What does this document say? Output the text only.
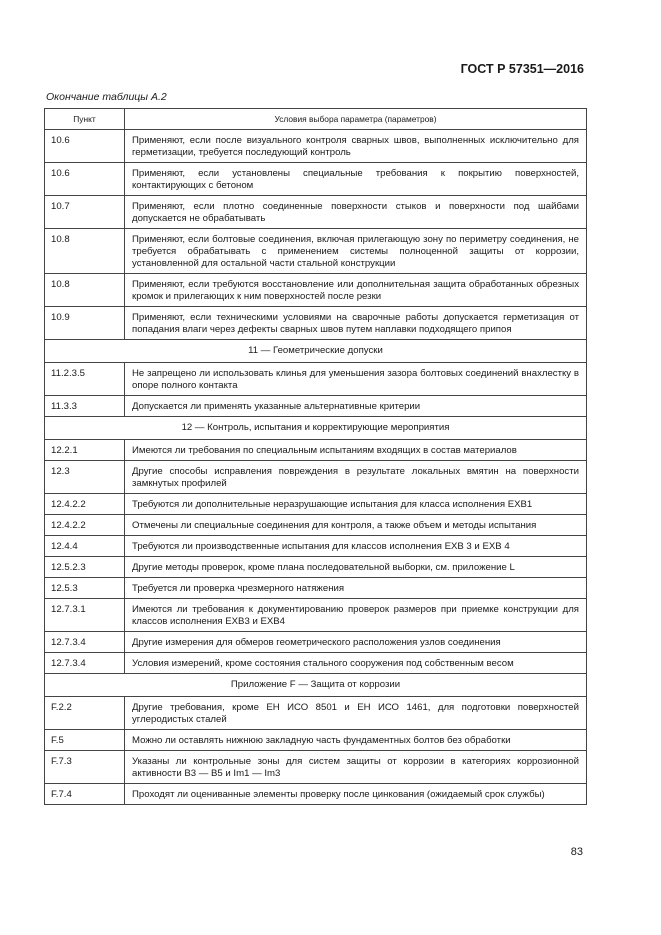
ГОСТ Р 57351—2016
Окончание таблицы А.2
Пункт	Условия выбора параметра (параметров)
10.6	Применяют, если после визуального контроля сварных швов, выполненных исключительно для герметизации, требуется последующий контроль
10.6	Применяют, если установлены специальные требования к покрытию поверхностей, контактирующих с бетоном
10.7	Применяют, если плотно соединенные поверхности стыков и поверхности под шайбами допускается не обрабатывать
10.8	Применяют, если болтовые соединения, включая прилегающую зону по периметру соединения, не требуется обрабатывать с применением системы полноценной защиты от коррозии, установленной для остальной части стальной конструкции
10.8	Применяют, если требуются восстановление или дополнительная защита обработанных обрезных кромок и прилегающих к ним поверхностей после резки
10.9	Применяют, если техническими условиями на сварочные работы допускается герметизация от попадания влаги через дефекты сварных швов путем наплавки подходящего припоя
11 — Геометрические допуски	
11.2.3.5	Не запрещено ли использовать клинья для уменьшения зазора болтовых соединений внахлестку в опоре полного контакта
11.3.3	Допускается ли применять указанные альтернативные критерии
12 — Контроль, испытания и корректирующие мероприятия	
12.2.1	Имеются ли требования по специальным испытаниям входящих в состав материалов
12.3	Другие способы исправления повреждения в результате локальных вмятин на поверхности замкнутых профилей
12.4.2.2	Требуются ли дополнительные неразрушающие испытания для класса исполнения ЕХВ1
12.4.2.2	Отмечены ли специальные соединения для контроля, а также объем и методы испытания
12.4.4	Требуются ли производственные испытания для классов исполнения ЕХВ 3 и ЕХВ 4
12.5.2.3	Другие методы проверок, кроме плана последовательной выборки, см. приложение L
12.5.3	Требуется ли проверка чрезмерного натяжения
12.7.3.1	Имеются ли требования к документированию проверок размеров при приемке конструкции для классов исполнения ЕХВ3 и ЕХВ4
12.7.3.4	Другие измерения для обмеров геометрического расположения узлов соединения
12.7.3.4	Условия измерений, кроме состояния стального сооружения под собственным весом
Приложение F — Защита от коррозии	
F.2.2	Другие требования, кроме ЕН ИСО 8501 и ЕН ИСО 1461, для подготовки поверхностей углеродистых сталей
F.5	Можно ли оставлять нижнюю закладную часть фундаментных болтов без обработки
F.7.3	Указаны ли контрольные зоны для систем защиты от коррозии в категориях коррозионной активности В3 — В5 и Im1 — Im3
F.7.4	Проходят ли оцениванные элементы проверку после цинкования (ожидаемый срок службы)
83
